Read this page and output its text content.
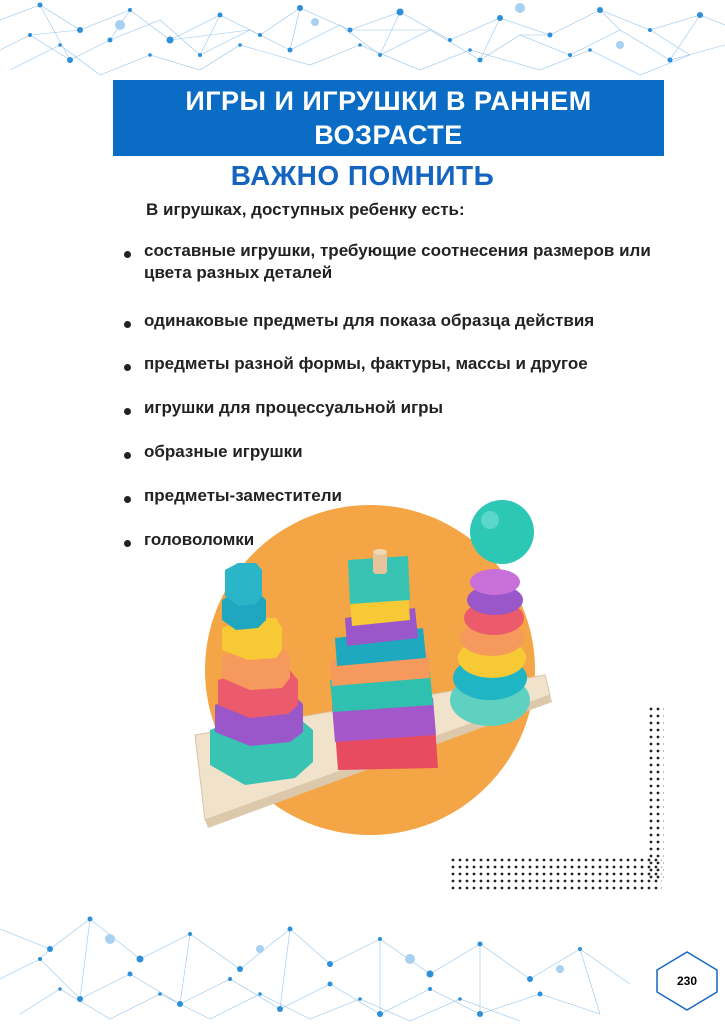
ИГРЫ И ИГРУШКИ В РАННЕМ ВОЗРАСТЕ
ВАЖНО ПОМНИТЬ
В игрушках, доступных ребенку есть:
составные игрушки, требующие соотнесения размеров или цвета разных деталей
одинаковые предметы для показа образца действия
предметы разной формы, фактуры, массы и другое
игрушки для процессуальной игры
образные игрушки
предметы-заместители
головоломки
230
